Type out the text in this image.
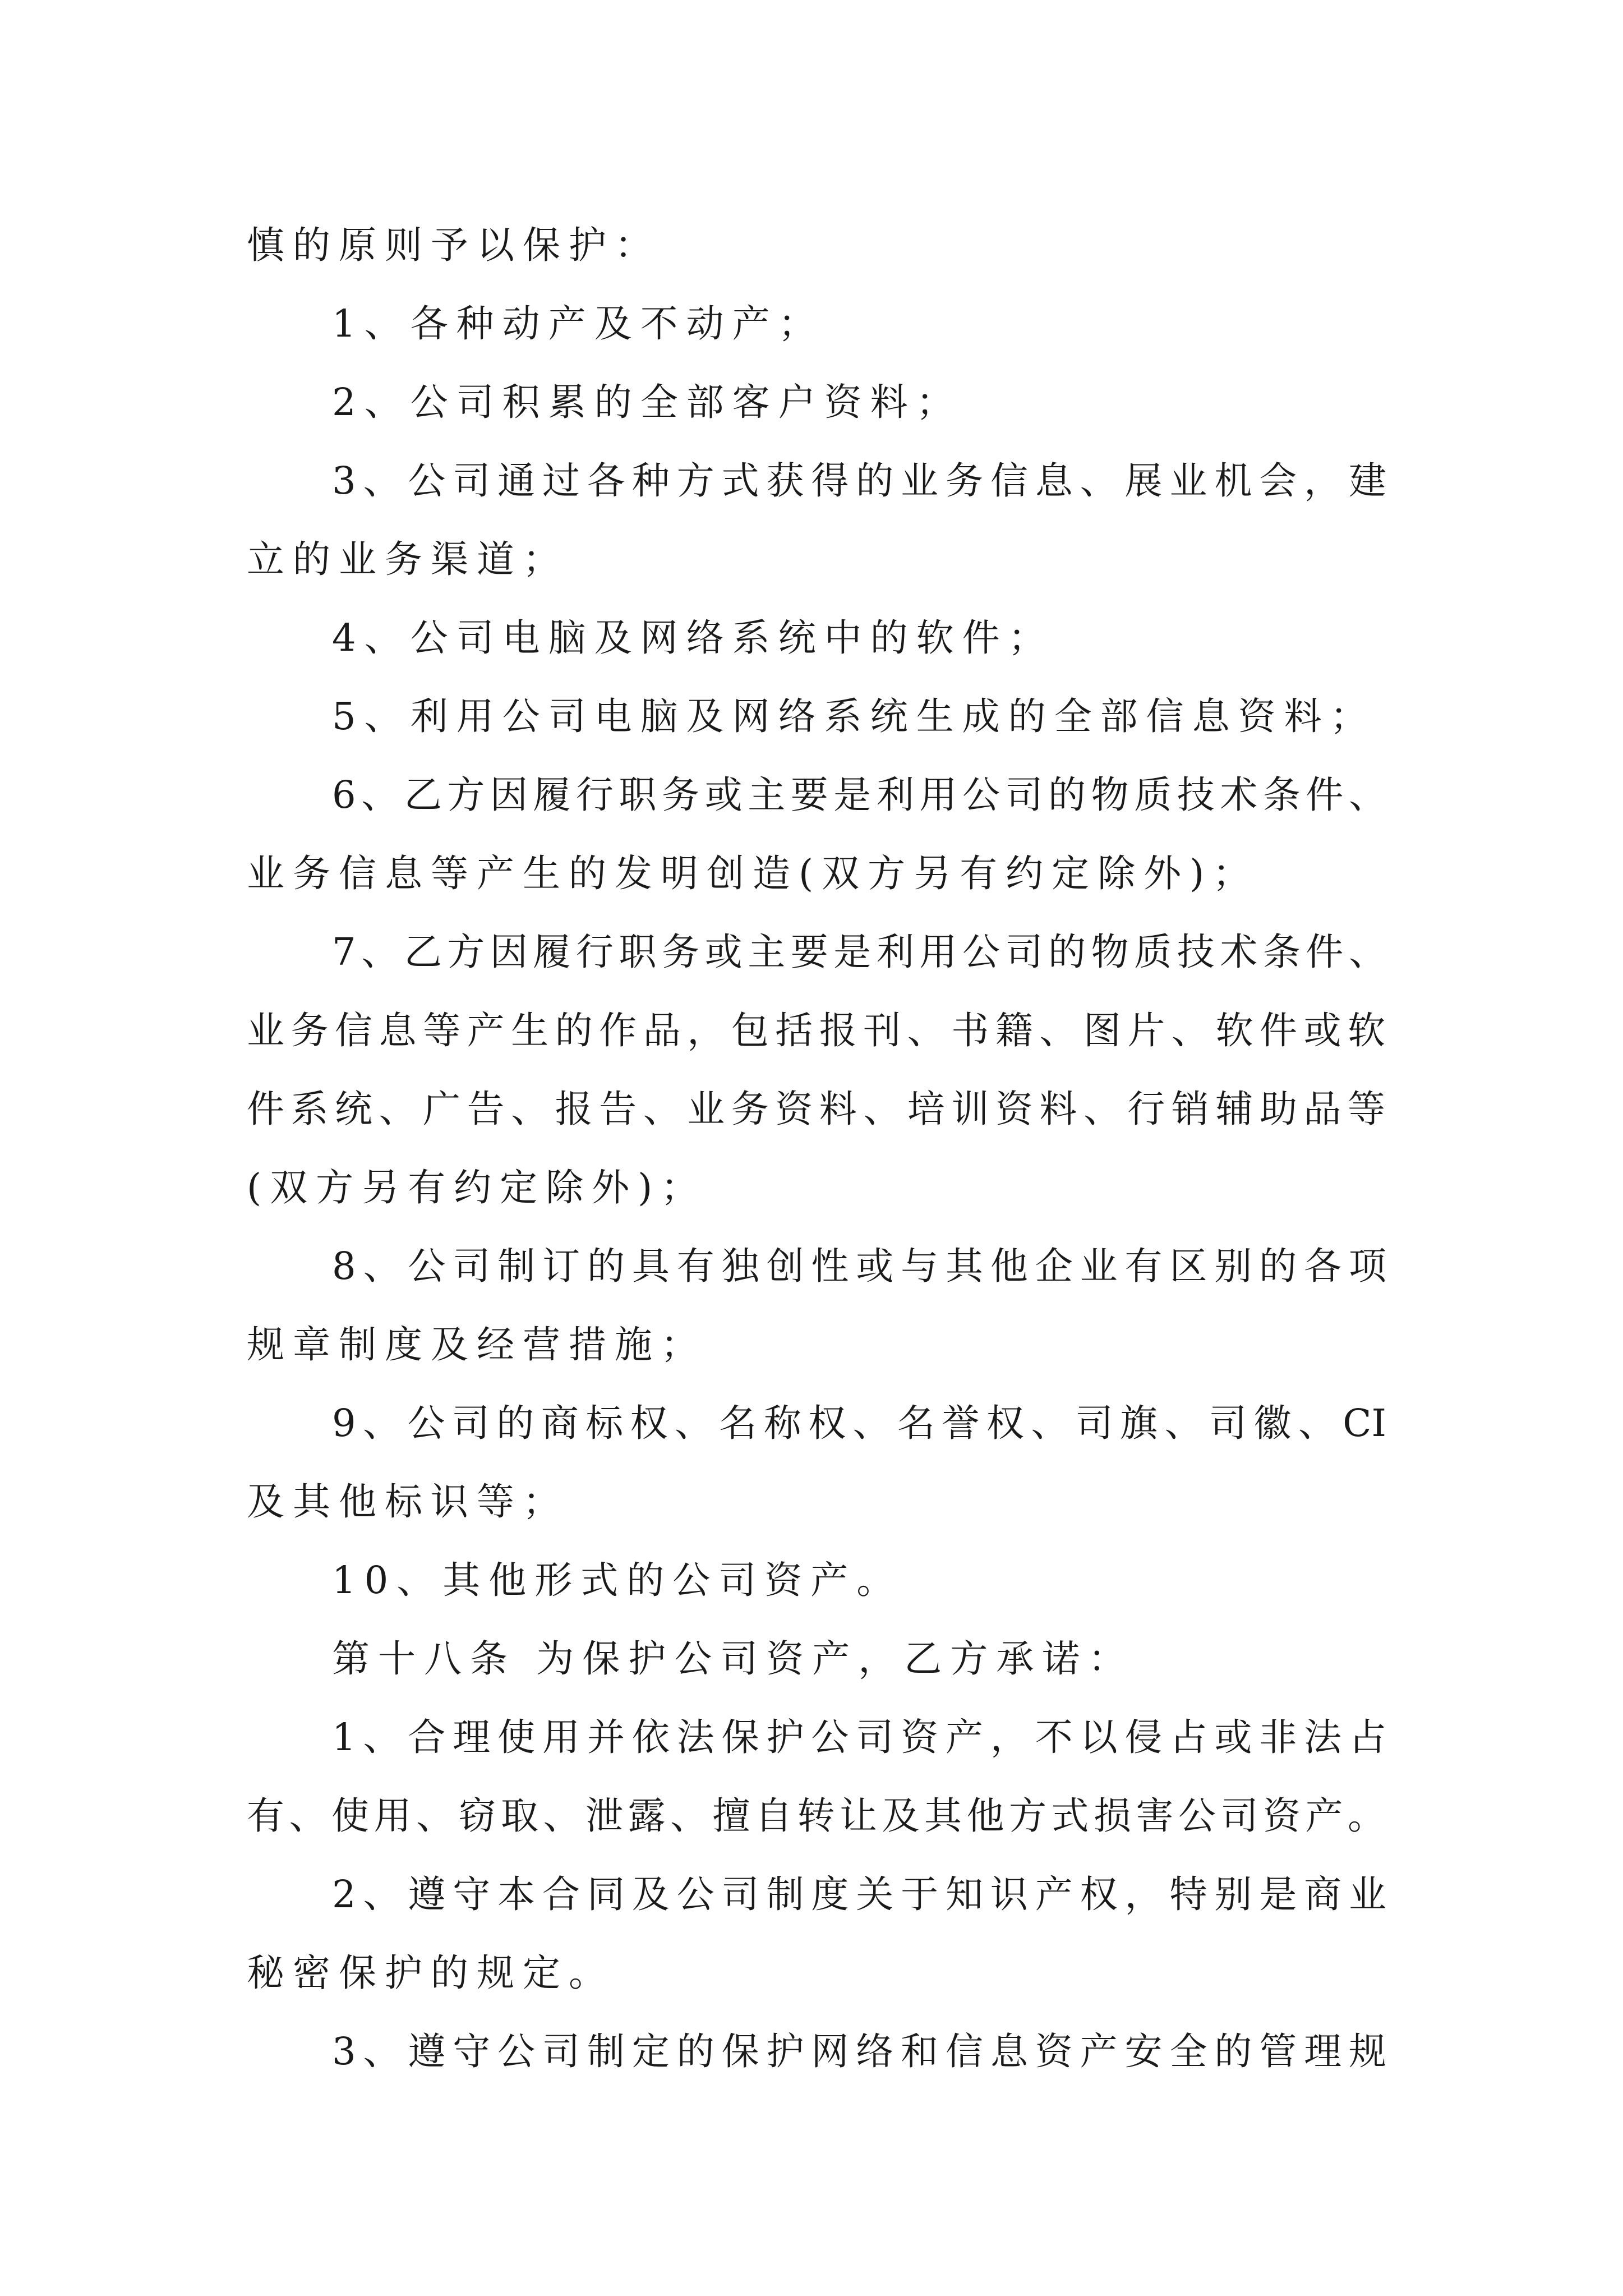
慎的原则予以保护：
1、各种动产及不动产；
2、公司积累的全部客户资料；
3、公司通过各种方式获得的业务信息、展业机会，建
立的业务渠道；
4、公司电脑及网络系统中的软件；
5、利用公司电脑及网络系统生成的全部信息资料；
6、乙方因履行职务或主要是利用公司的物质技术条件、
业务信息等产生的发明创造(双方另有约定除外)；
7、乙方因履行职务或主要是利用公司的物质技术条件、
业务信息等产生的作品，包括报刊、书籍、图片、软件或软
件系统、广告、报告、业务资料、培训资料、行销辅助品等
(双方另有约定除外)；
8、公司制订的具有独创性或与其他企业有区别的各项
规章制度及经营措施；
9、公司的商标权、名称权、名誉权、司旗、司徽、CI
及其他标识等；
10、其他形式的公司资产。
第十八条 为保护公司资产，乙方承诺：
1、合理使用并依法保护公司资产，不以侵占或非法占
有、使用、窃取、泄露、擅自转让及其他方式损害公司资产。
2、遵守本合同及公司制度关于知识产权，特别是商业
秘密保护的规定。
3、遵守公司制定的保护网络和信息资产安全的管理规
